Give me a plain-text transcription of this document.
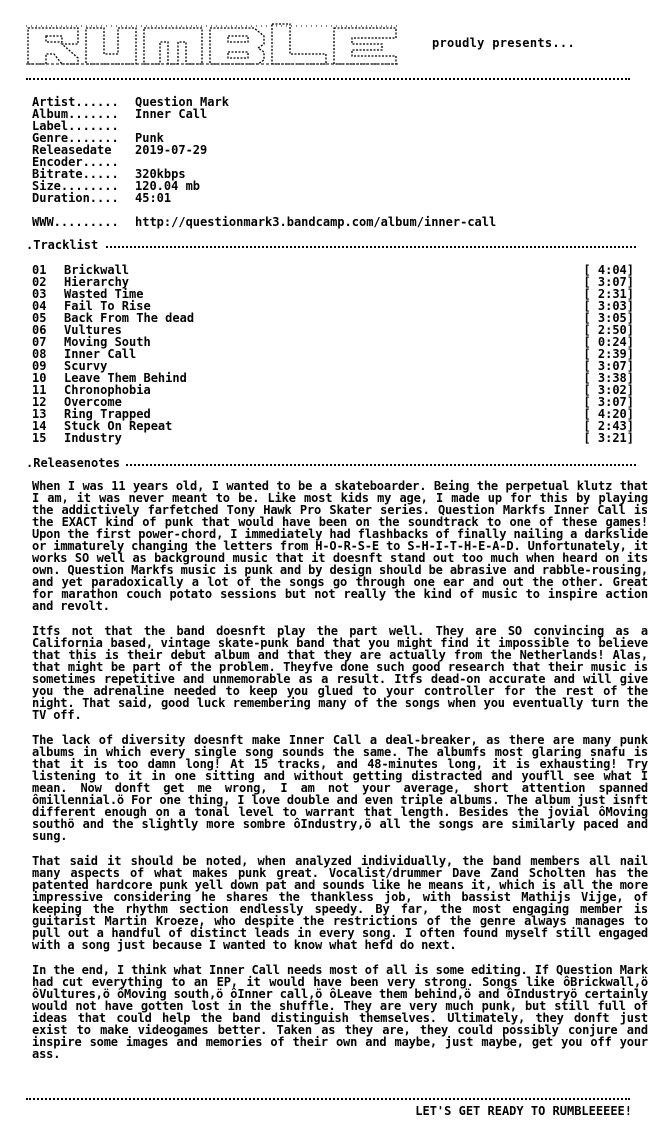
proudly presents...
Artist...... Question Mark
Album....... Inner Call
Label.......
Genre....... Punk
Releasedate 2019-07-29
Encoder.....
Bitrate..... 320kbps
Size........ 120.04 mb
Duration.... 45:01
WWW......... http://questionmark3.bandcamp.com/album/inner-call
.Tracklist
01 Brickwall	[ 4:04]
02 Hierarchy	[ 3:07]
03 Wasted Time	[ 2:31]
04 Fail To Rise	[ 3:03]
05 Back From The dead	[ 3:05]
06 Vultures	[ 2:50]
07 Moving South	[ 0:24]
08 Inner Call	[ 2:39]
09 Scurvy	[ 3:07]
10 Leave Them Behind	[ 3:38]
11 Chronophobia	[ 3:02]
12 Overcome	[ 3:07]
13 Ring Trapped	[ 4:20]
14 Stuck On Repeat	[ 2:43]
15 Industry	[ 3:21]
.Releasenotes

When I was 11 years old, I wanted to be a skateboarder. Being the perpetual klutz that I am, it was never meant to be. Like most kids my age, I made up for this by playing the addictively farfetched Tony Hawk Pro Skater series. Question Markfs Inner Call is the EXACT kind of punk that would have been on the soundtrack to one of these games! Upon the first power-chord, I immediately had flashbacks of finally nailing a darkslide or immaturely changing the letters from H-O-R-S-E to S-H-I-T-H-E-A-D. Unfortunately, it works SO well as background music that it doesnft stand out too much when heard on its own. Question Markfs music is punk and by design should be abrasive and rabble-rousing, and yet paradoxically a lot of the songs go through one ear and out the other. Great for marathon couch potato sessions but not really the kind of music to inspire action and revolt.

Itfs not that the band doesnft play the part well. They are SO convincing as a California based, vintage skate-punk band that you might find it impossible to believe that this is their debut album and that they are actually from the Netherlands! Alas, that might be part of the problem. Theyfve done such good research that their music is sometimes repetitive and unmemorable as a result. Itfs dead-on accurate and will give you the adrenaline needed to keep you glued to your controller for the rest of the night. That said, good luck remembering many of the songs when you eventually turn the TV off.

The lack of diversity doesnft make Inner Call a deal-breaker, as there are many punk albums in which every single song sounds the same. The albumfs most glaring snafu is that it is too damn long! At 15 tracks, and 48-minutes long, it is exhausting! Try listening to it in one sitting and without getting distracted and youfll see what I mean. Now donft get me wrong, I am not your average, short attention spanned ômillennial.ö For one thing, I love double and even triple albums. The album just isnft different enough on a tonal level to warrant that length. Besides the jovial ôMoving southö and the slightly more sombre ôIndustry,ö all the songs are similarly paced and sung.

That said it should be noted, when analyzed individually, the band members all nail many aspects of what makes punk great. Vocalist/drummer Dave Zand Scholten has the patented hardcore punk yell down pat and sounds like he means it, which is all the more impressive considering he shares the thankless job, with bassist Mathijs Vijge, of keeping the rhythm section endlessly speedy. By far, the most engaging member is guitarist Martin Kroeze, who despite the restrictions of the genre always manages to pull out a handful of distinct leads in every song. I often found myself still engaged with a song just because I wanted to know what hefd do next.

In the end, I think what Inner Call needs most of all is some editing. If Question Mark had cut everything to an EP, it would have been very strong. Songs like ôBrickwall,ö ôVultures,ö ôMoving south,ö ôInner call,ö ôLeave them behind,ö and ôIndustryö certainly would not have gotten lost in the shuffle. They are very much punk, but still full of ideas that could help the band distinguish themselves. Ultimately, they donft just exist to make videogames better. Taken as they are, they could possibly conjure and inspire some images and memories of their own and maybe, just maybe, get you off your ass.

LET'S GET READY TO RUMBLEEEEE!
